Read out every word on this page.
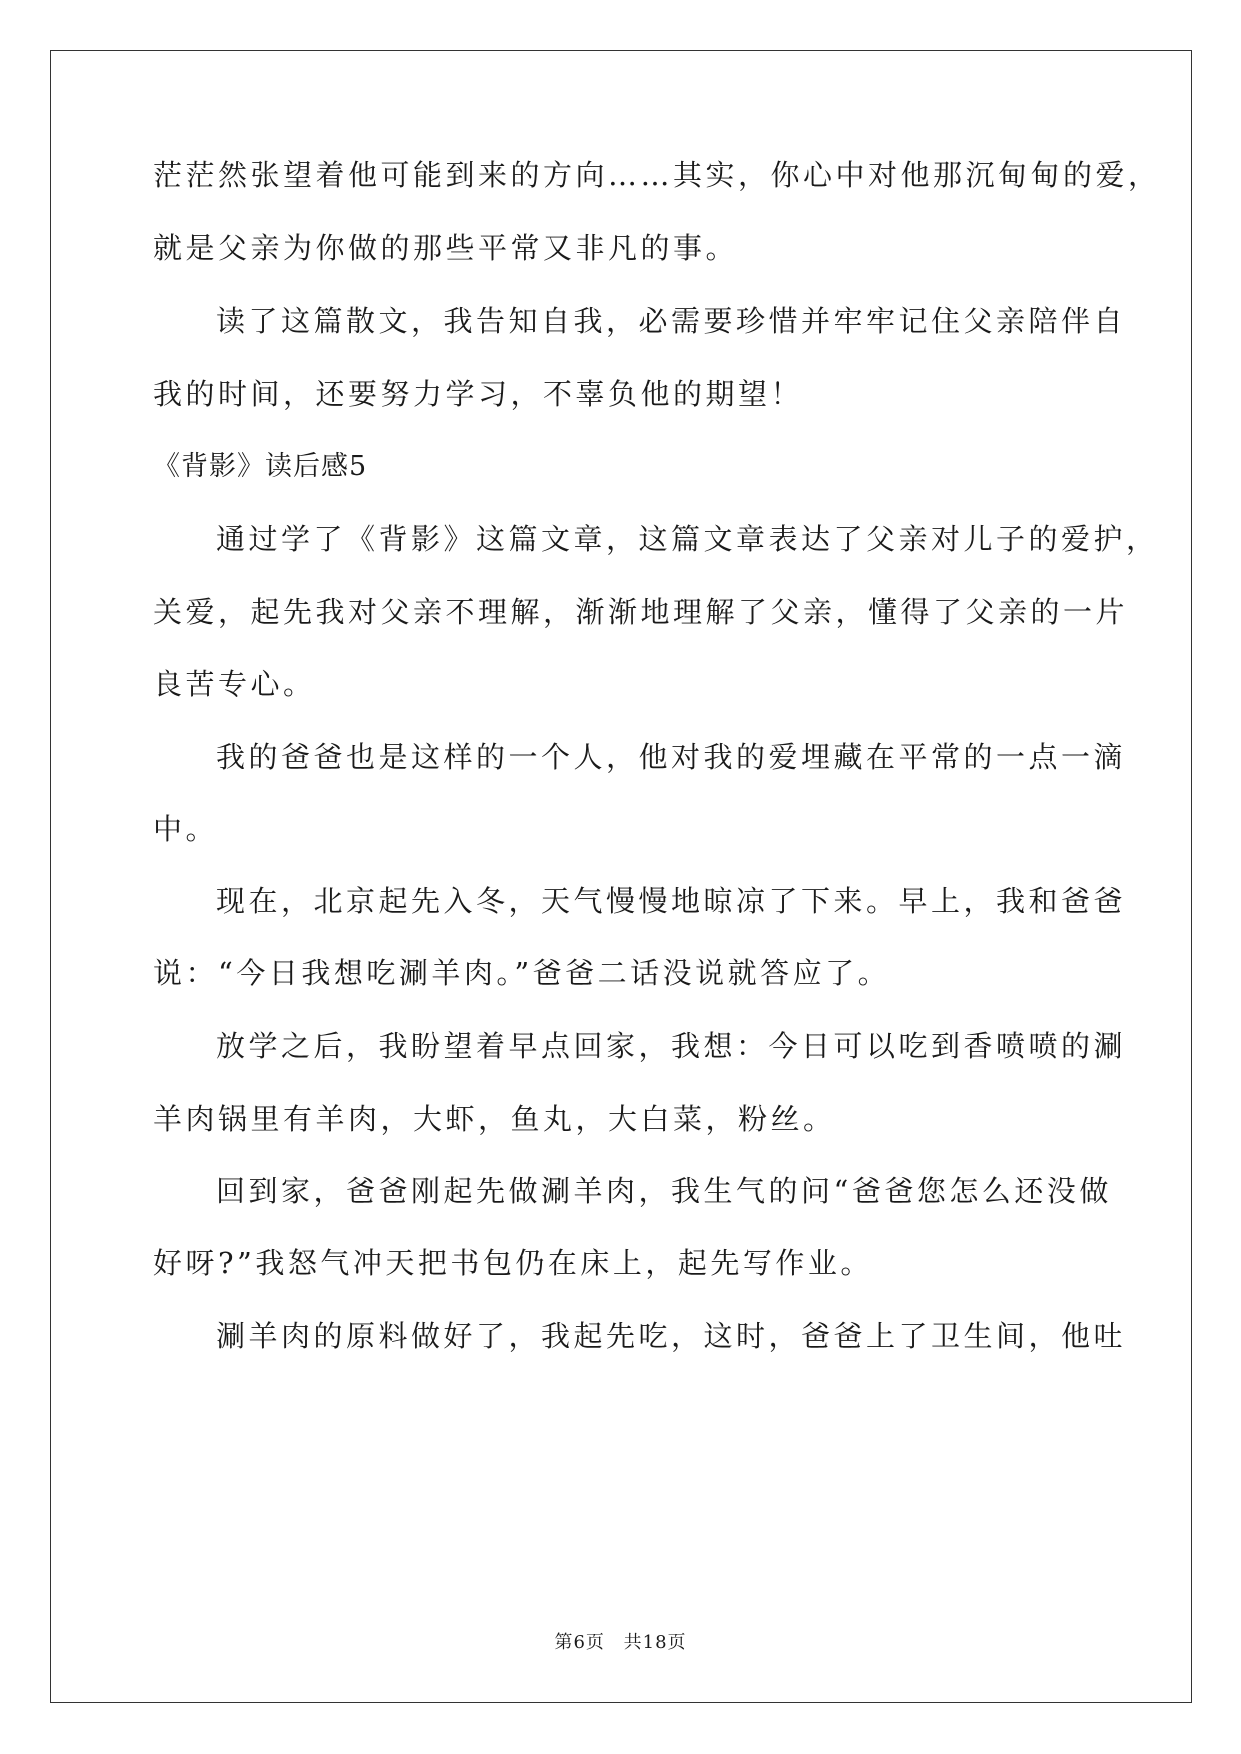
茫茫然张望着他可能到来的方向……其实，你心中对他那沉甸甸的爱，
就是父亲为你做的那些平常又非凡的事。
读了这篇散文，我告知自我，必需要珍惜并牢牢记住父亲陪伴自
我的时间，还要努力学习，不辜负他的期望！
《背影》读后感5
通过学了《背影》这篇文章，这篇文章表达了父亲对儿子的爱护，
关爱，起先我对父亲不理解，渐渐地理解了父亲，懂得了父亲的一片
良苦专心。
我的爸爸也是这样的一个人，他对我的爱埋藏在平常的一点一滴
中。
现在，北京起先入冬，天气慢慢地晾凉了下来。早上，我和爸爸
说：“今日我想吃涮羊肉。”爸爸二话没说就答应了。
放学之后，我盼望着早点回家，我想：今日可以吃到香喷喷的涮
羊肉锅里有羊肉，大虾，鱼丸，大白菜，粉丝。
回到家，爸爸刚起先做涮羊肉，我生气的问“爸爸您怎么还没做
好呀?”我怒气冲天把书包仍在床上，起先写作业。
涮羊肉的原料做好了，我起先吃，这时，爸爸上了卫生间，他吐
第6页 共18页
